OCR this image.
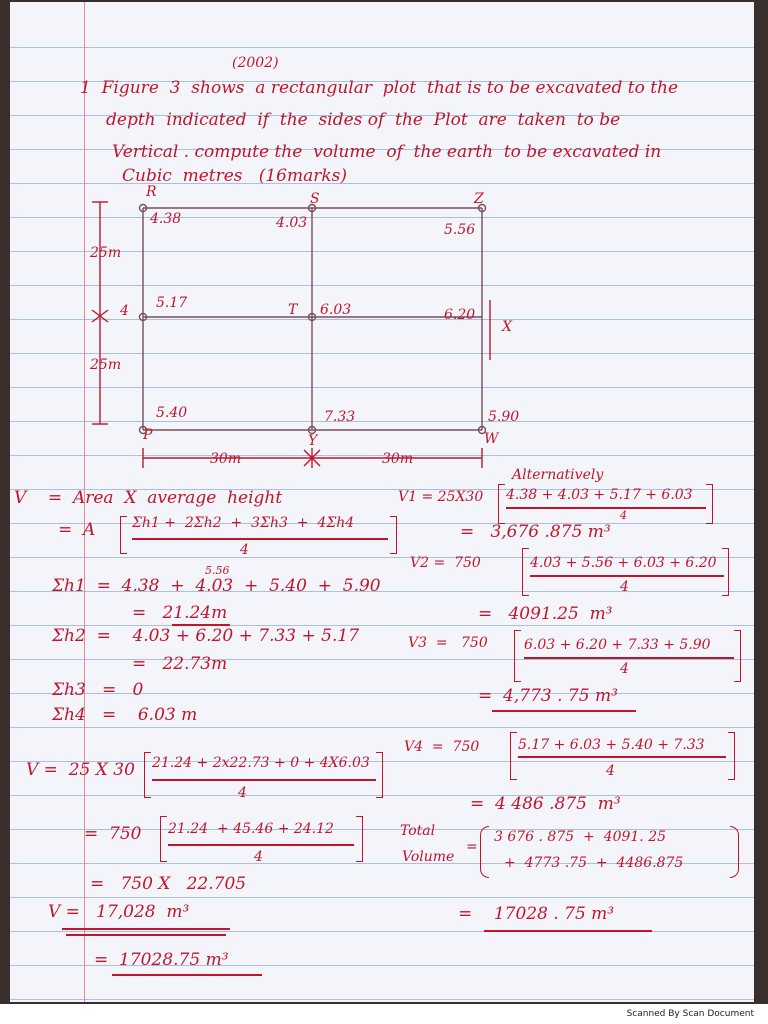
(2002)
1  Figure  3  shows  a rectangular  plot  that is to be excavated to the
depth  indicated  if  the  sides of  the  Plot  are  taken  to be
Vertical . compute the  volume  of  the earth  to be excavated in
Cubic  metres   (16marks)
R	S	Z
T
X
P	Y	W
4.38	4.03	5.56
5.17	6.03	6.20
5.40	7.33	5.90
25m
4
25m
30m	30m
V    =  Area  X  average  height
=  A	Σh1 +  2Σh2  +  3Σh3  +  4Σh4
4
5.56
Σh1  =  4.38  +  4.03  +  5.40  +  5.90
=   21.24m
Σh2  =    4.03 + 6.20 + 7.33 + 5.17
=   22.73m
Σh3   =   0
Σh4   =    6.03 m
V =  25 X 30 21.24 + 2x22.73 + 0 + 4X6.03
4
=  750 21.24  + 45.46 + 24.12
4
=   750 X   22.705
V =   17,028  m³
=  17028.75 m³
Alternatively
V1 = 25X30 4.38 + 4.03 + 5.17 + 6.03
4
=   3,676 .875 m³
V2 =  750	4.03 + 5.56 + 6.03 + 6.20
4
=   4091.25  m³
V3  =   750	6.03 + 6.20 + 7.33 + 5.90
4
=  4,773 . 75 m³
V4  =  750	5.17 + 6.03 + 5.40 + 7.33
4
=  4 486 .875  m³
Total
Volume
=
3 676 . 875  +  4091. 25
+  4773 .75  +  4486.875
=    17028 . 75 m³
Scanned By Scan Document
